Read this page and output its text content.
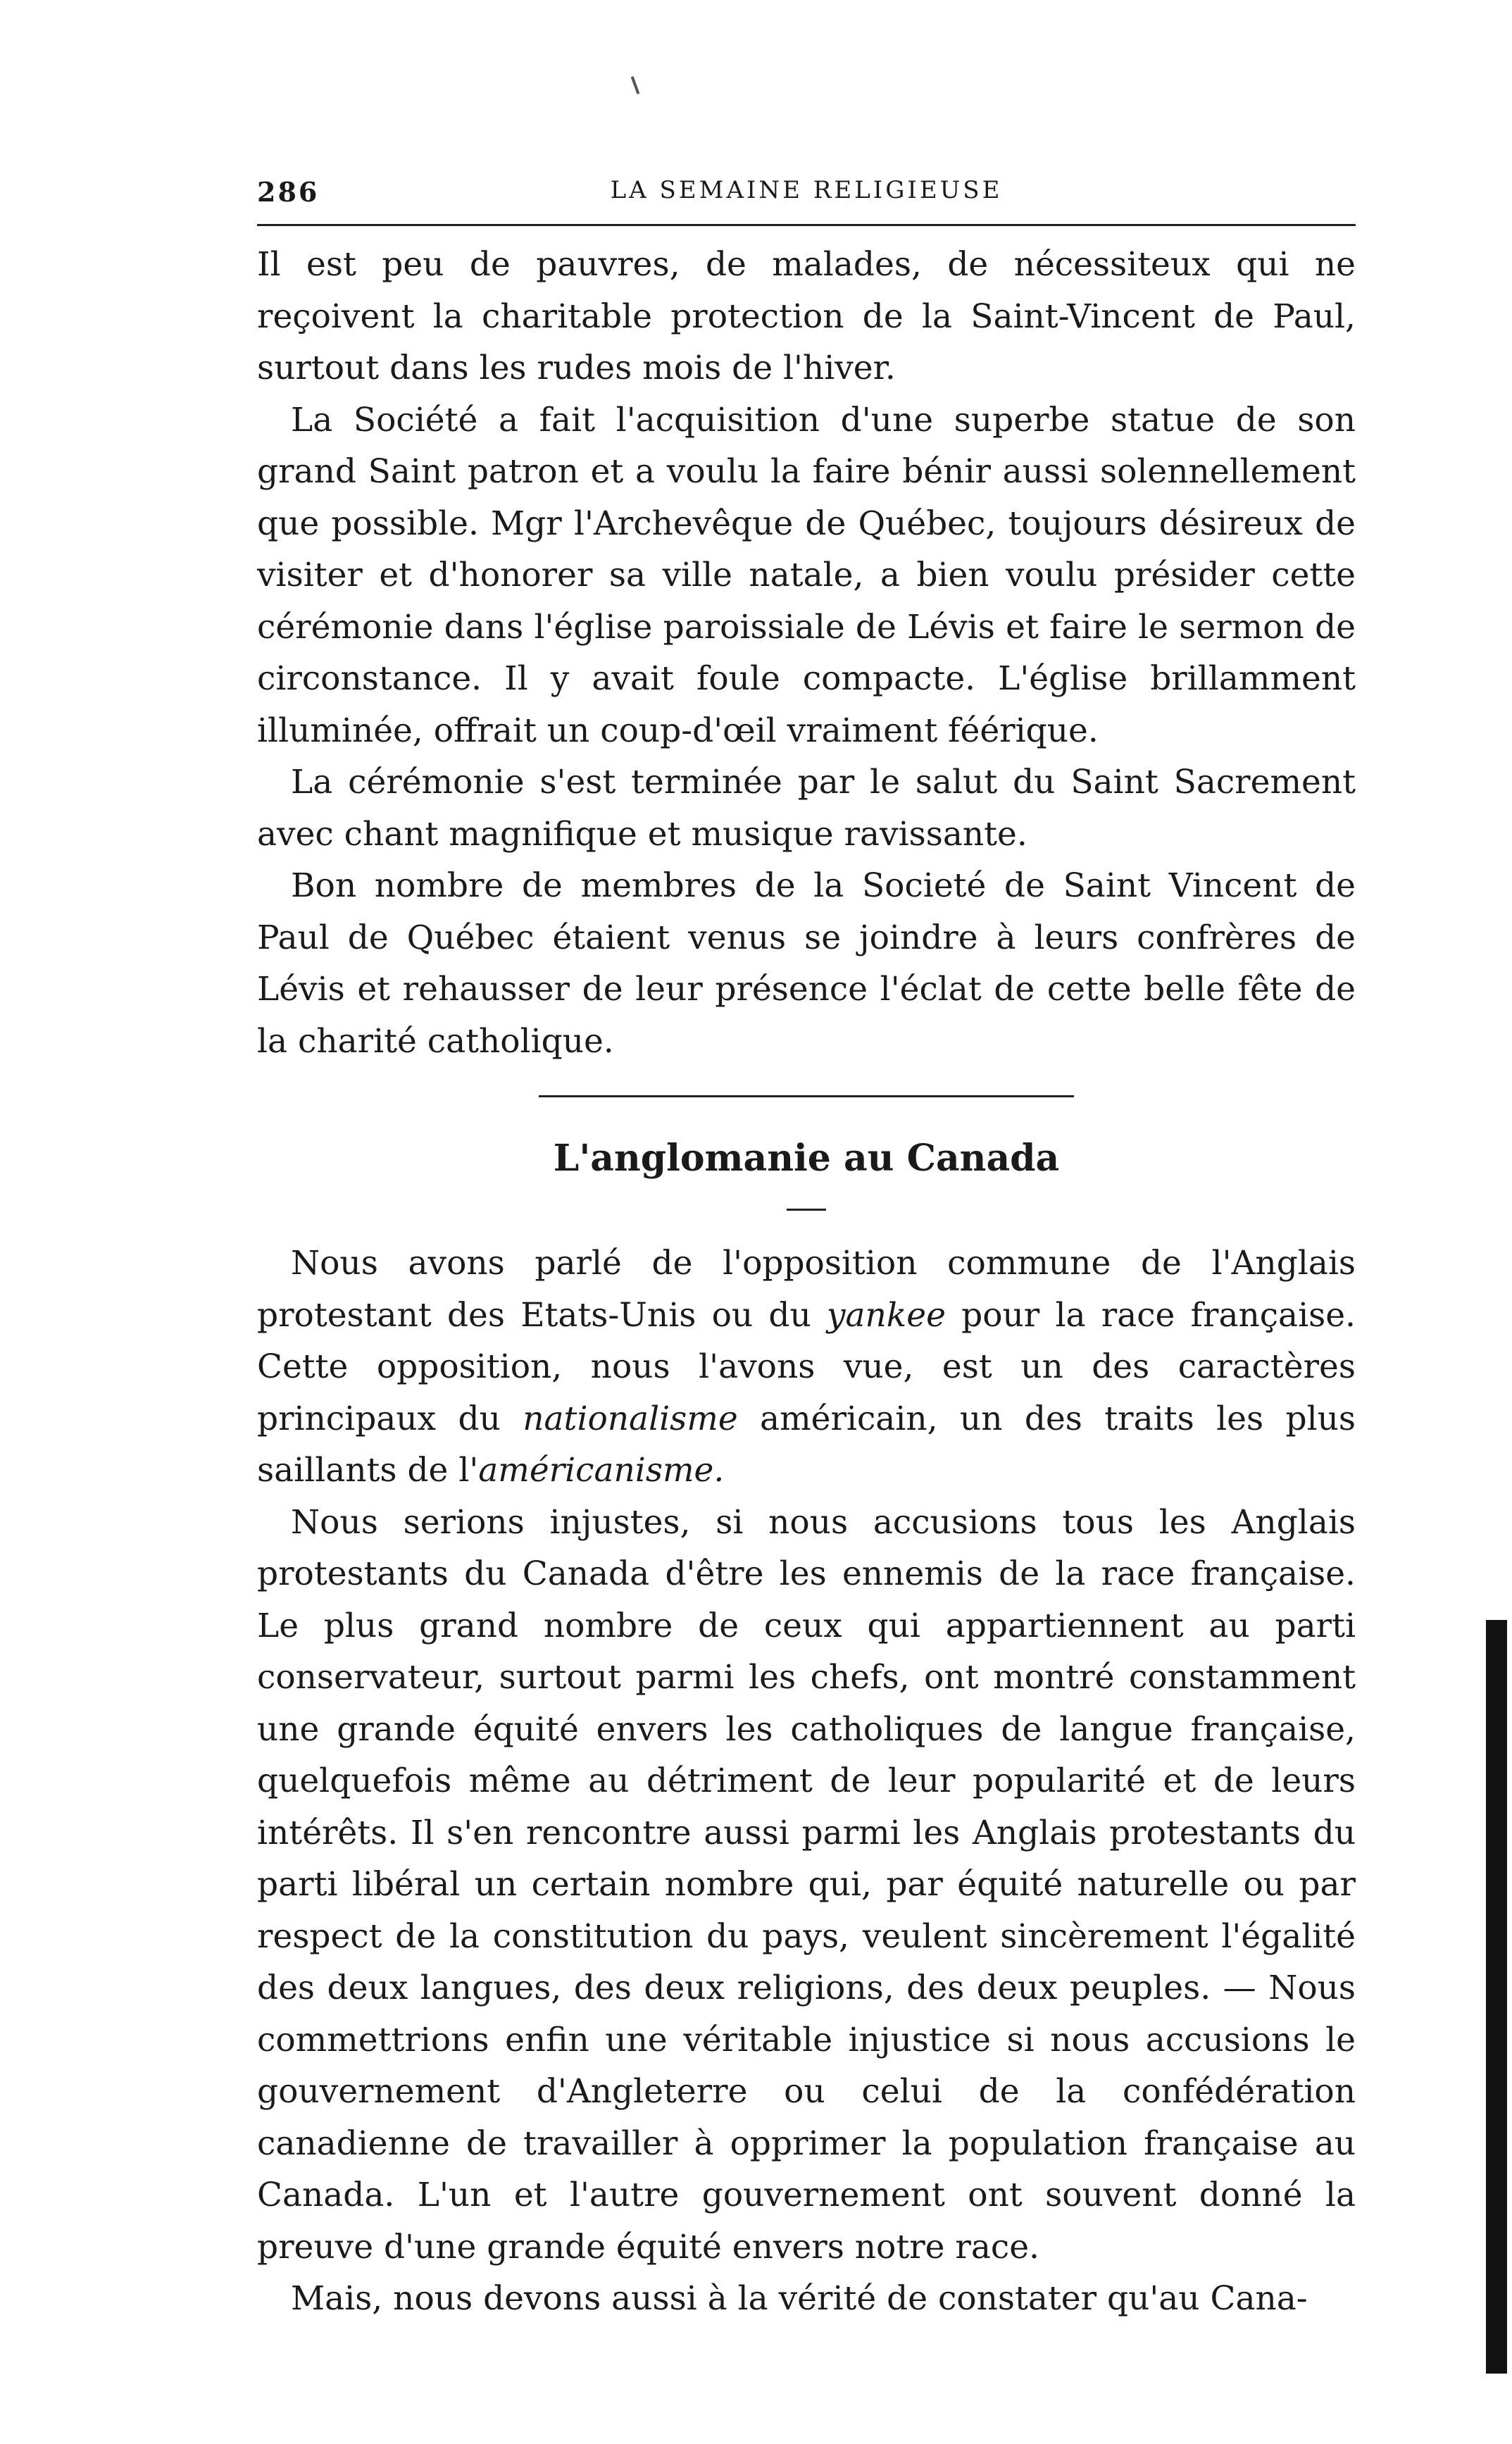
286	LA SEMAINE RELIGIEUSE

Il est peu de pauvres, de malades, de nécessiteux qui ne reçoivent la charitable protection de la Saint-Vincent de Paul, surtout dans les rudes mois de l'hiver.

La Société a fait l'acquisition d'une superbe statue de son grand Saint patron et a voulu la faire bénir aussi solennellement que possible. Mgr l'Archevêque de Québec, toujours désireux de visiter et d'honorer sa ville natale, a bien voulu présider cette cérémonie dans l'église paroissiale de Lévis et faire le sermon de circonstance. Il y avait foule compacte. L'église brillamment illuminée, offrait un coup-d'œil vraiment féérique.

La cérémonie s'est terminée par le salut du Saint Sacrement avec chant magnifique et musique ravissante.

Bon nombre de membres de la Societé de Saint Vincent de Paul de Québec étaient venus se joindre à leurs confrères de Lévis et rehausser de leur présence l'éclat de cette belle fête de la charité catholique.

L'anglomanie au Canada

Nous avons parlé de l'opposition commune de l'Anglais protestant des Etats-Unis ou du yankee pour la race française. Cette opposition, nous l'avons vue, est un des caractères principaux du nationalisme américain, un des traits les plus saillants de l'américanisme.

Nous serions injustes, si nous accusions tous les Anglais protestants du Canada d'être les ennemis de la race française. Le plus grand nombre de ceux qui appartiennent au parti conservateur, surtout parmi les chefs, ont montré constamment une grande équité envers les catholiques de langue française, quelquefois même au détriment de leur popularité et de leurs intérêts. Il s'en rencontre aussi parmi les Anglais protestants du parti libéral un certain nombre qui, par équité naturelle ou par respect de la constitution du pays, veulent sincèrement l'égalité des deux langues, des deux religions, des deux peuples. — Nous commettrions enfin une véritable injustice si nous accusions le gouvernement d'Angleterre ou celui de la confédération canadienne de travailler à opprimer la population française au Canada. L'un et l'autre gouvernement ont souvent donné la preuve d'une grande équité envers notre race.

Mais, nous devons aussi à la vérité de constater qu'au Cana-
